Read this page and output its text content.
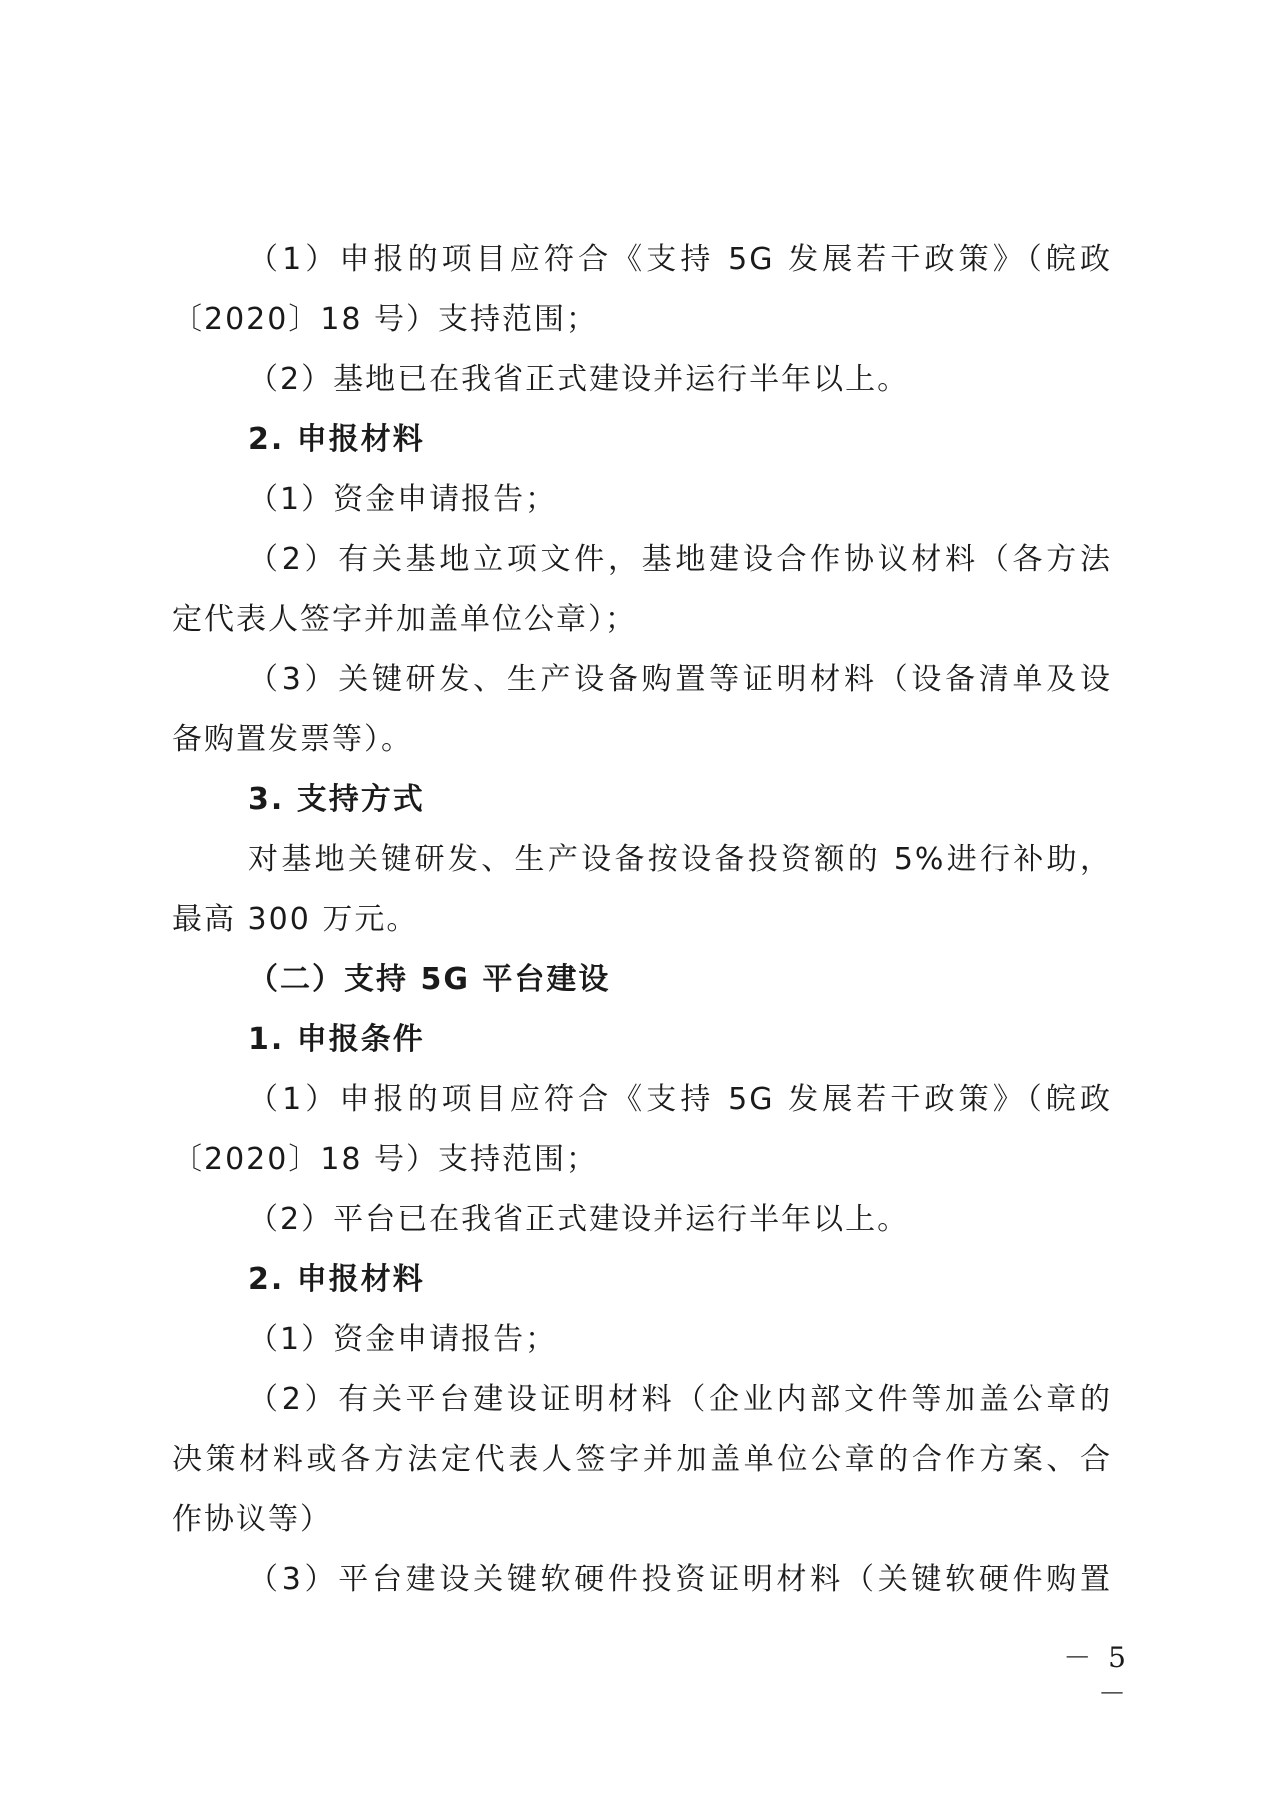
（1）申报的项目应符合《支持 5G 发展若干政策》（皖政
〔2020〕18 号）支持范围；
（2）基地已在我省正式建设并运行半年以上。
2. 申报材料
（1）资金申请报告；
（2）有关基地立项文件，基地建设合作协议材料（各方法
定代表人签字并加盖单位公章）；
（3）关键研发、生产设备购置等证明材料（设备清单及设
备购置发票等）。
3. 支持方式
对基地关键研发、生产设备按设备投资额的 5%进行补助，
最高 300 万元。
（二）支持 5G 平台建设
1. 申报条件
（1）申报的项目应符合《支持 5G 发展若干政策》（皖政
〔2020〕18 号）支持范围；
（2）平台已在我省正式建设并运行半年以上。
2. 申报材料
（1）资金申请报告；
（2）有关平台建设证明材料（企业内部文件等加盖公章的
决策材料或各方法定代表人签字并加盖单位公章的合作方案、合
作协议等）
（3）平台建设关键软硬件投资证明材料（关键软硬件购置
－ 5 －
